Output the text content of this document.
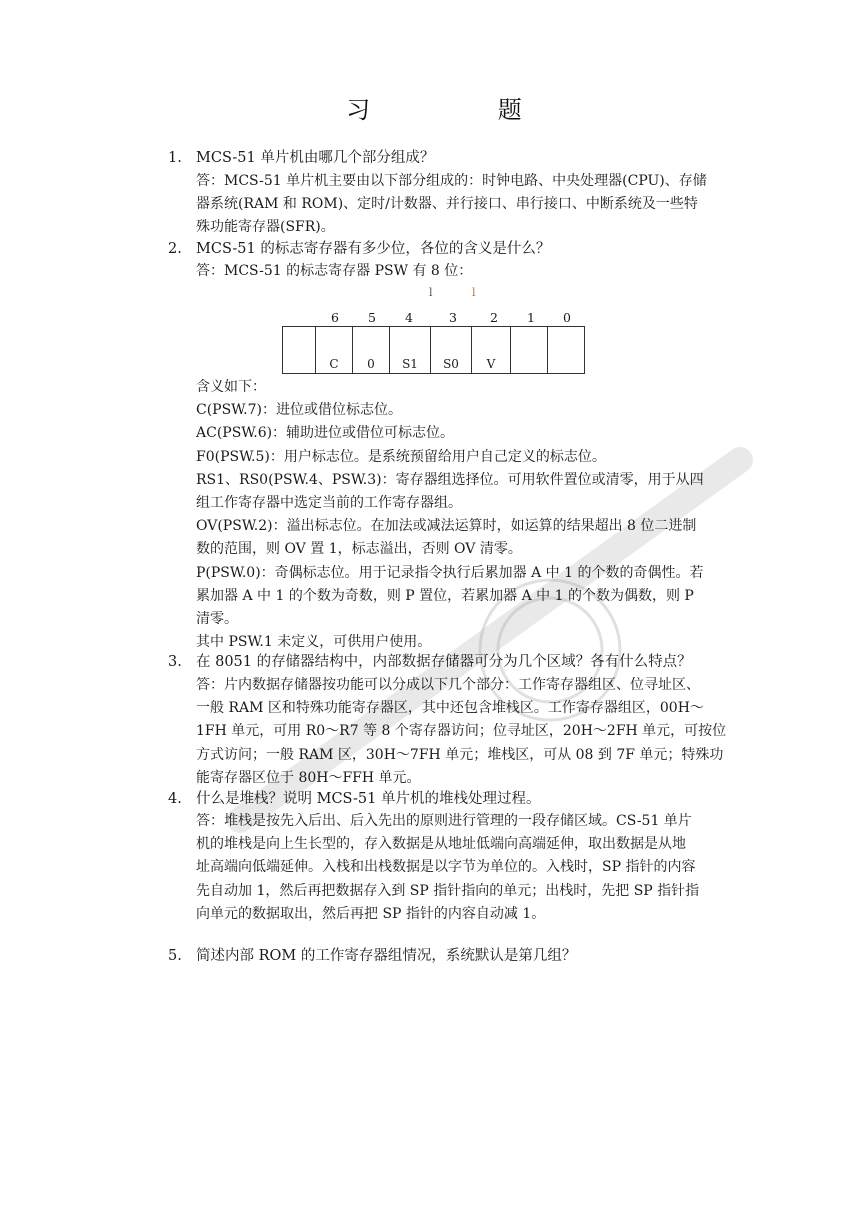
习 题
1. MCS-51 单片机由哪几个部分组成？

答：MCS-51 单片机主要由以下部分组成的：时钟电路、中央处理器(CPU)、存储

器系统(RAM 和 ROM)、定时/计数器、并行接口、串行接口、中断系统及一些特

殊功能寄存器(SFR)。

2. MCS-51 的标志寄存器有多少位，各位的含义是什么？

答：MCS-51 的标志寄存器 PSW 有 8 位：

l	l
6	5	4	3	2	1	0
	C	0	S1	S0	V		

含义如下：

C(PSW.7)：进位或借位标志位。

AC(PSW.6)：辅助进位或借位可标志位。

F0(PSW.5)：用户标志位。是系统预留给用户自己定义的标志位。

RS1、RS0(PSW.4、PSW.3)：寄存器组选择位。可用软件置位或清零，用于从四

组工作寄存器中选定当前的工作寄存器组。

OV(PSW.2)：溢出标志位。在加法或减法运算时，如运算的结果超出 8 位二进制

数的范围，则 OV 置 1，标志溢出，否则 OV 清零。

P(PSW.0)：奇偶标志位。用于记录指令执行后累加器 A 中 1 的个数的奇偶性。若

累加器 A 中 1 的个数为奇数，则 P 置位，若累加器 A 中 1 的个数为偶数，则 P

清零。

其中 PSW.1 未定义，可供用户使用。

3. 在 8051 的存储器结构中，内部数据存储器可分为几个区域？各有什么特点？

答：片内数据存储器按功能可以分成以下几个部分：工作寄存器组区、位寻址区、

一般 RAM 区和特殊功能寄存器区，其中还包含堆栈区。工作寄存器组区，00H～

1FH 单元，可用 R0～R7 等 8 个寄存器访问；位寻址区，20H～2FH 单元，可按位

方式访问；一般 RAM 区，30H～7FH 单元；堆栈区，可从 08 到 7F 单元；特殊功

能寄存器区位于 80H～FFH 单元。

4. 什么是堆栈？说明 MCS-51 单片机的堆栈处理过程。

答：堆栈是按先入后出、后入先出的原则进行管理的一段存储区域。CS-51 单片

机的堆栈是向上生长型的，存入数据是从地址低端向高端延伸，取出数据是从地

址高端向低端延伸。入栈和出栈数据是以字节为单位的。入栈时，SP 指针的内容

先自动加 1，然后再把数据存入到 SP 指针指向的单元；出栈时，先把 SP 指针指

向单元的数据取出，然后再把 SP 指针的内容自动减 1。

5. 简述内部 ROM 的工作寄存器组情况，系统默认是第几组？
